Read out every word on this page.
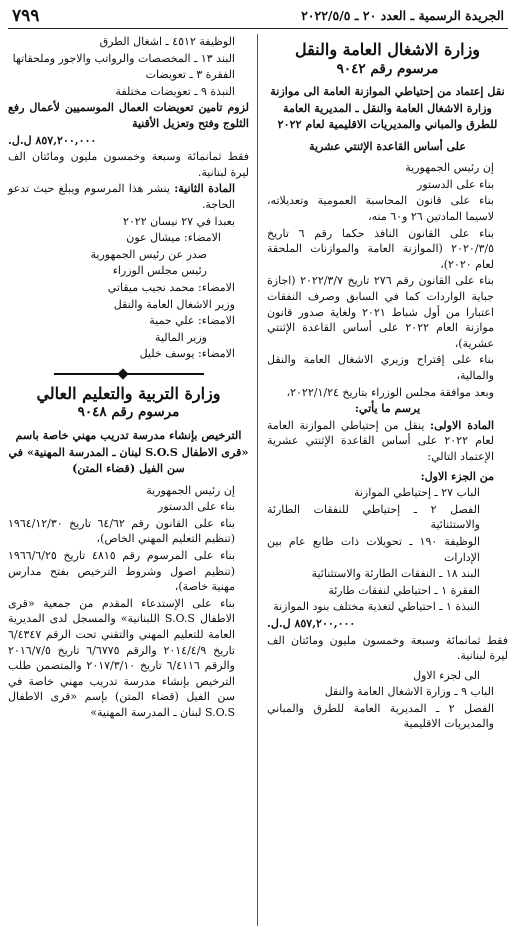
الجريدة الرسمية ـ العدد ٢٠ ـ ٢٠٢٢/٥/٥
٧٩٩
وزارة الاشغال العامة والنقل
مرسوم رقم ٩٠٤٢
نقل إعتماد من إحتياطي الموازنة العامة الى موازنة وزارة الاشغال العامة والنقل ـ المديرية العامة للطرق والمباني والمديريات الاقليمية لعام ٢٠٢٢
على أساس القاعدة الإثنتي عشرية

إن رئيس الجمهورية

بناء على الدستور

بناء على قانون المحاسبة العمومية وتعديلاته، لاسيما المادتين ٢٦ و٦٠ منه،

بناء على القانون النافذ حكما رقم ٦ تاريخ ٢٠٢٠/٣/٥ (الموازنة العامة والموازنات الملحقة لعام ٢٠٢٠)،

بناء على القانون رقم ٢٧٦ تاريخ ٢٠٢٢/٣/٧ (اجازة جباية الواردات كما في السابق وصرف النفقات اعتبارا من أول شباط ٢٠٢١ ولغاية صدور قانون موازنة العام ٢٠٢٢ على أساس القاعدة الإثنتي عشرية)،

بناء على إقتراح وزيري الاشغال العامة والنقل والمالية،

وبعد موافقة مجلس الوزراء بتاريخ ٢٠٢٢/١/٢٤،

يرسم ما يأتي:

المادة الاولى: ينقل من إحتياطي الموازنة العامة لعام ٢٠٢٢ على أساس القاعدة الإثنتي عشرية الإعتماد التالي:

من الجزء الاول:

الباب ٢٧ ـ إحتياطي الموازنة

الفصل ٢ ـ إحتياطي للنفقات الطارئة والاستثنائية

الوظيفة ١٩٠ ـ تحويلات ذات طابع عام بين الإدارات

البند ١٨ ـ النفقات الطارئة والاستثنائية

الفقرة ١ ـ احتياطي لنفقات طارئة

النبذة ١ ـ احتياطي لتغذية مختلف بنود الموازنة

٨٥٧,٢٠٠,٠٠٠ ل.ل.

فقط ثمانمائة وسبعة وخمسون مليون ومائتان الف ليرة لبنانية.

الى لجزء الاول

الباب ٩ ـ وزارة الاشغال العامة والنقل

الفصل ٢ ـ المديرية العامة للطرق والمباني والمديريات الاقليمية

الوظيفة ٤٥١٢ ـ اشغال الطرق

البند ١٣ ـ المخصصات والرواتب والاجور وملحقاتها

الفقرة ٣ ـ تعويضات

النبذة ٩ ـ تعويضات مختلفة

لزوم تامين تعويضات العمال الموسميين لأعمال رفع الثلوج وفتح وتعزيل الأقنية

٨٥٧,٢٠٠,٠٠٠ ل.ل.

فقط ثمانمائة وسبعة وخمسون مليون ومائتان الف ليرة لبنانية.

المادة الثانية: ينشر هذا المرسوم ويبلغ حيث تدعو الحاجة.

بعبدا في ٢٧ نيسان ٢٠٢٢

الامضاء: ميشال عون

صدر عن رئيس الجمهورية

رئيس مجلس الوزراء

الامضاء: محمد نجيب ميقاتي

وزير الاشغال العامة والنقل

الامضاء: علي حمية

وزير المالية

الامضاء: يوسف خليل

وزارة التربية والتعليم العالي
مرسوم رقم ٩٠٤٨
الترخيص بإنشاء مدرسة تدريب مهني خاصة باسم «قرى الاطفال S.O.S لبنان ـ المدرسة المهنية» في سن الفيل (قضاء المتن)

إن رئيس الجمهورية

بناء على الدستور

بناء على القانون رقم ٦٤/٦٢ تاريخ ١٩٦٤/١٢/٣٠ (تنظيم التعليم المهني الخاص)،

بناء على المرسوم رقم ٤٨١٥ تاريخ ١٩٦٦/٦/٢٥ (تنظيم اصول وشروط الترخيص بفتح مدارس مهنية خاصة)،

بناء على الإستدعاء المقدم من جمعية «قرى الاطفال S.O.S اللبنانية» والمسجل لدى المديرية العامة للتعليم المهني والتقني تحت الرقم ٦/٤٣٤٧ تاريخ ٢٠١٤/٤/٩ والرقم ٦/٦٧٧٥ تاريخ ٢٠١٦/٧/٥ والرقم ٦/٤١١٦ تاريخ ٢٠١٧/٣/١٠ والمتضمن طلب الترخيص بإنشاء مدرسة تدريب مهني خاصة في سن الفيل (قضاء المتن) بإسم «قرى الاطفال S.O.S لبنان ـ المدرسة المهنية»
